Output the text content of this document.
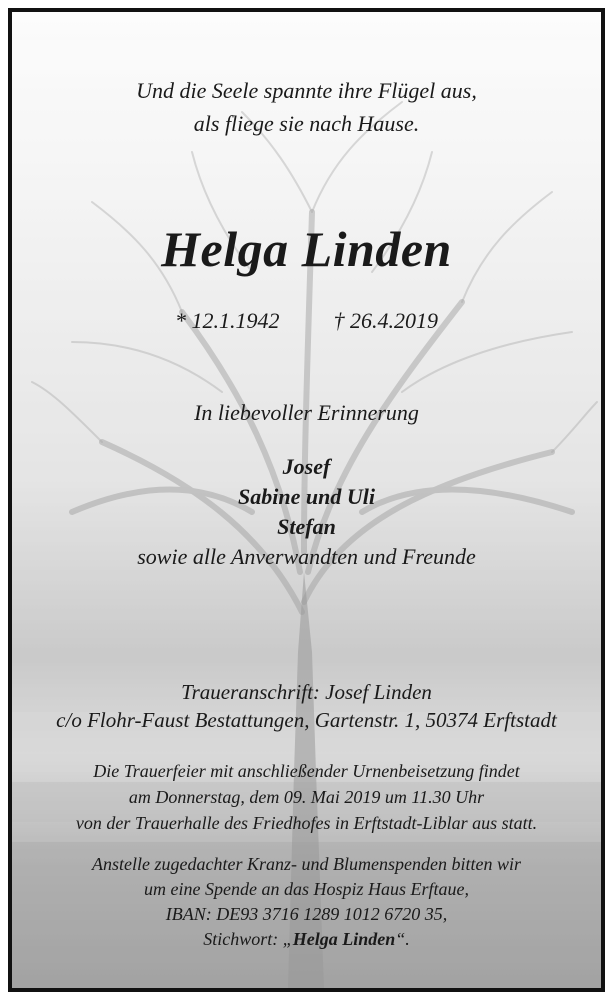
Und die Seele spannte ihre Flügel aus,
als fliege sie nach Hause.
Helga Linden
* 12.1.1942 † 26.4.2019
In liebevoller Erinnerung
Josef
Sabine und Uli
Stefan
sowie alle Anverwandten und Freunde
Traueranschrift: Josef Linden
c/o Flohr-Faust Bestattungen, Gartenstr. 1, 50374 Erftstadt
Die Trauerfeier mit anschließender Urnenbeisetzung findet
am Donnerstag, dem 09. Mai 2019 um 11.30 Uhr
von der Trauerhalle des Friedhofes in Erftstadt-Liblar aus statt.
Anstelle zugedachter Kranz- und Blumenspenden bitten wir
um eine Spende an das Hospiz Haus Erftaue,
IBAN: DE93 3716 1289 1012 6720 35,
Stichwort: „Helga Linden“.
